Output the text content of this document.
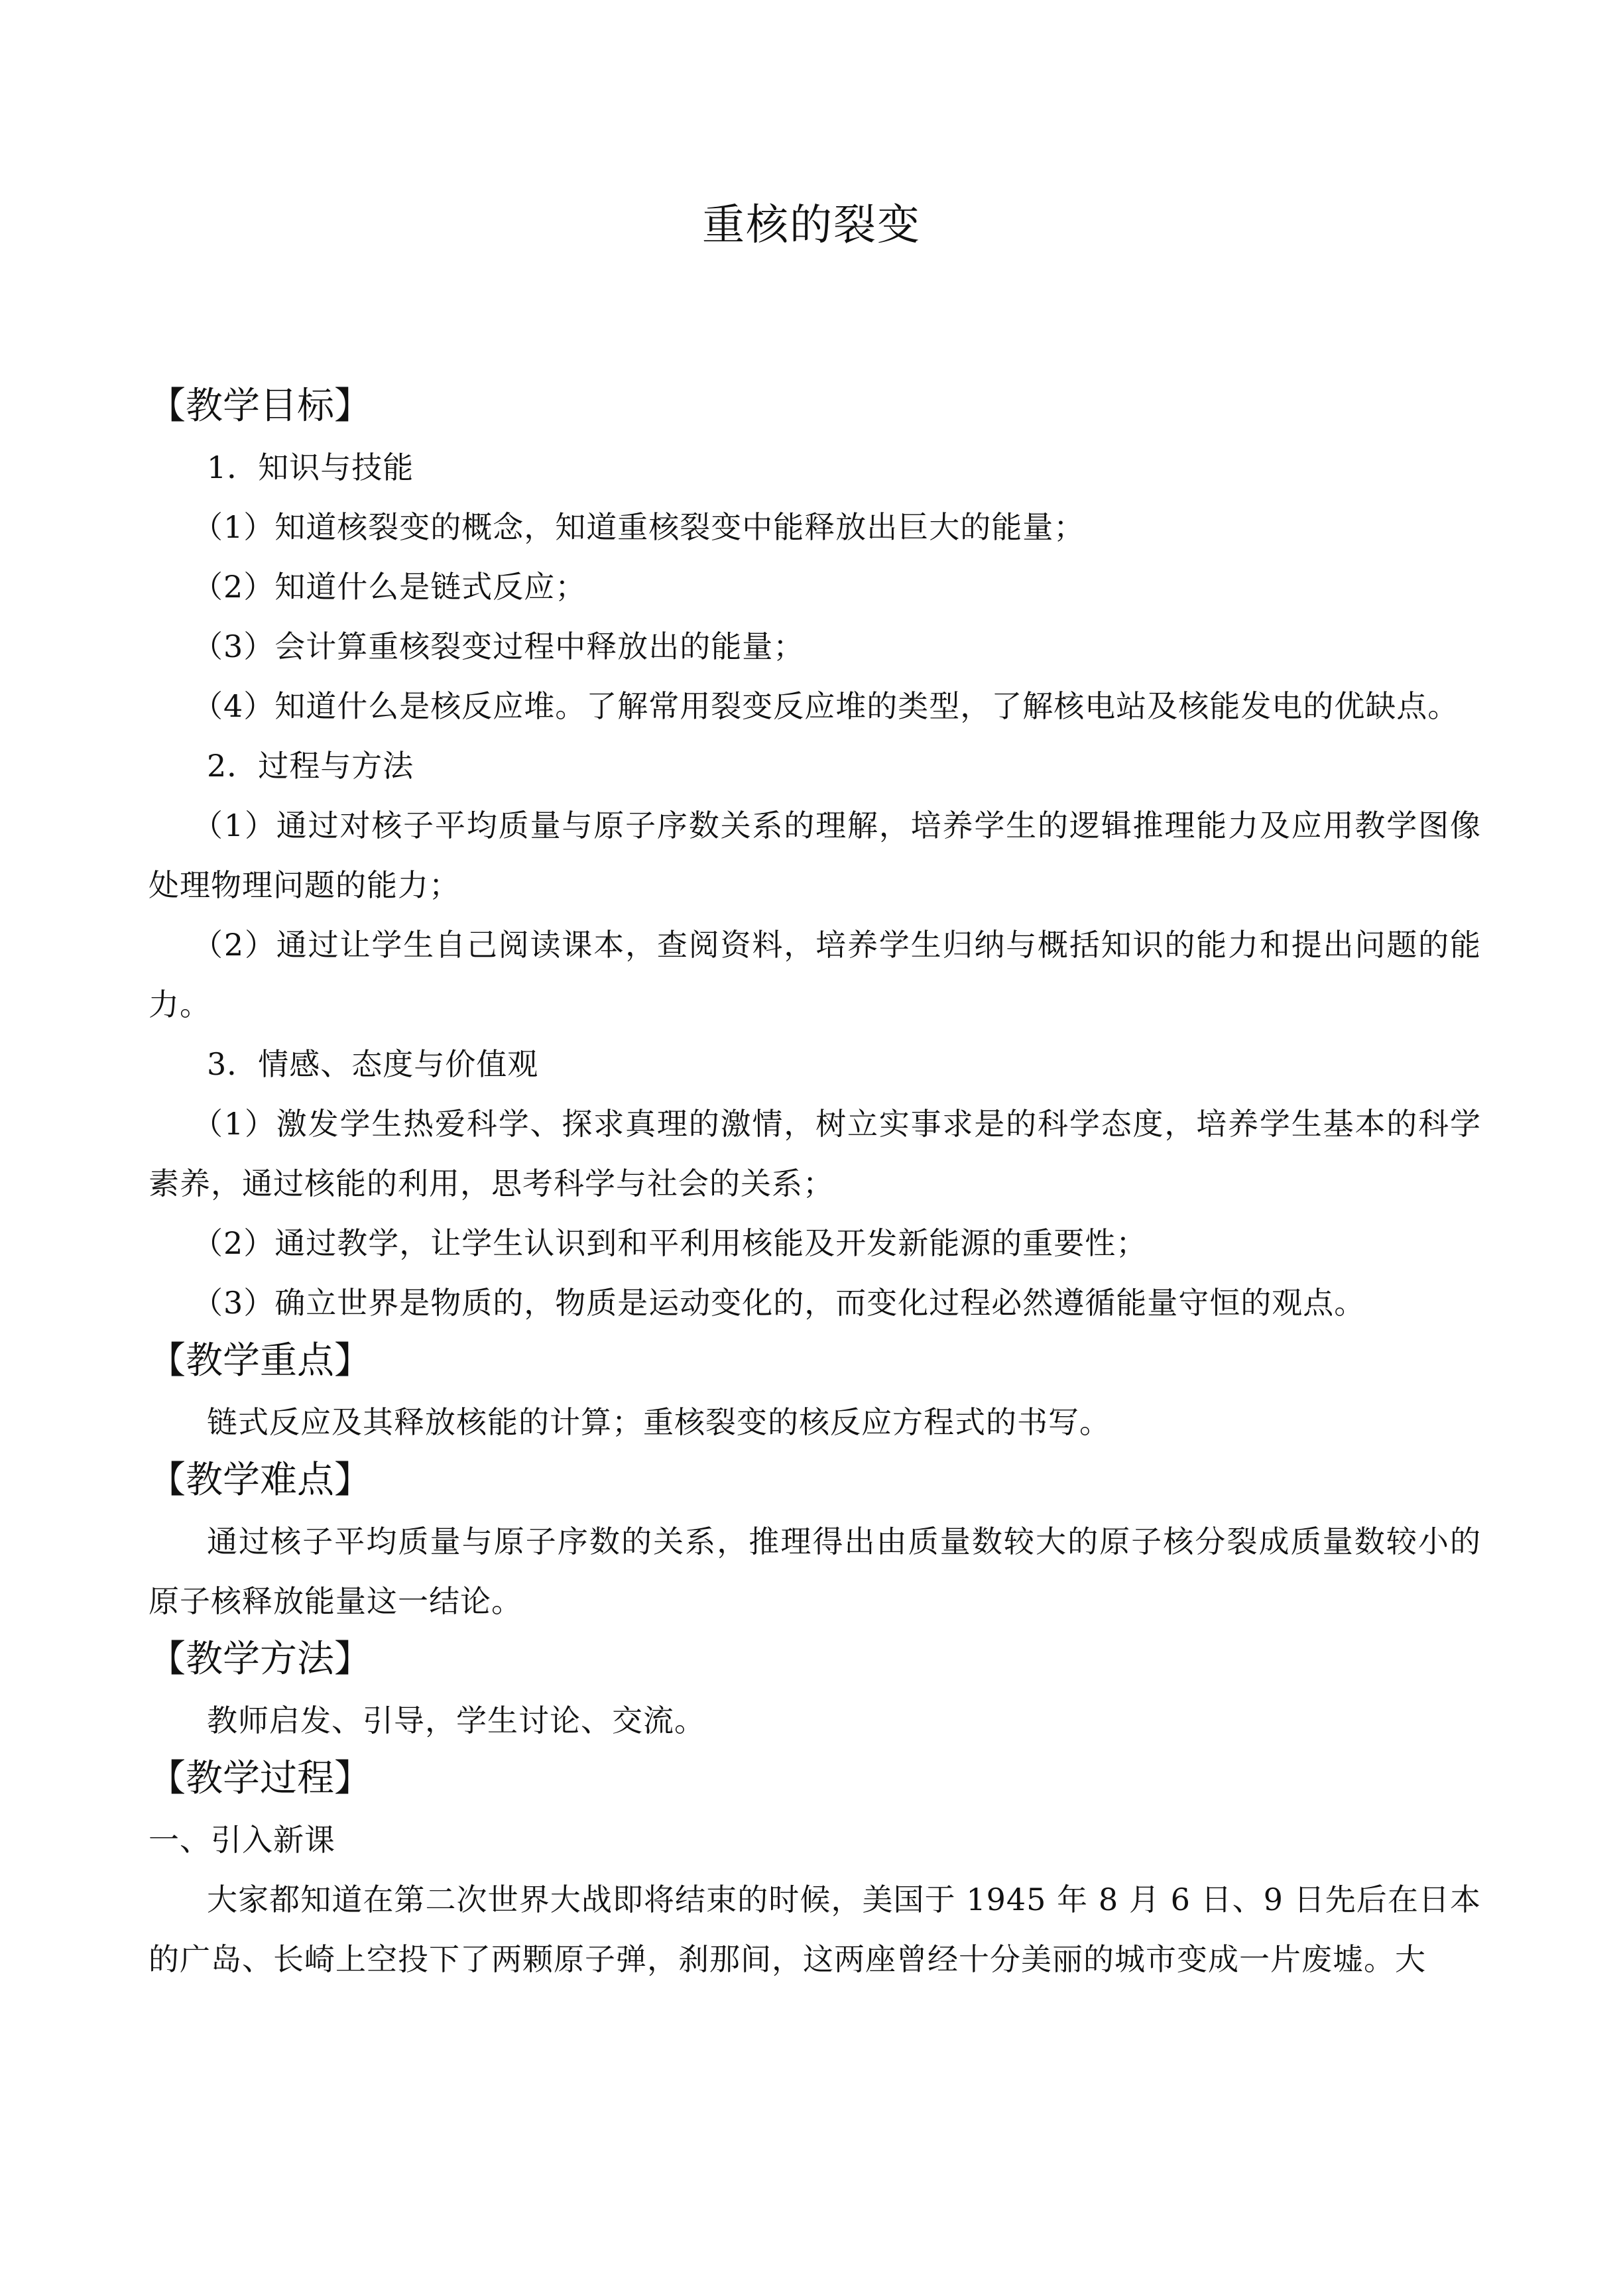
重核的裂变
【教学目标】
1．知识与技能
（1）知道核裂变的概念，知道重核裂变中能释放出巨大的能量；
（2）知道什么是链式反应；
（3）会计算重核裂变过程中释放出的能量；
（4）知道什么是核反应堆。了解常用裂变反应堆的类型，了解核电站及核能发电的优缺点。
2．过程与方法
（1）通过对核子平均质量与原子序数关系的理解，培养学生的逻辑推理能力及应用教学图像处理物理问题的能力；
（2）通过让学生自己阅读课本，查阅资料，培养学生归纳与概括知识的能力和提出问题的能力。
3．情感、态度与价值观
（1）激发学生热爱科学、探求真理的激情，树立实事求是的科学态度，培养学生基本的科学素养，通过核能的利用，思考科学与社会的关系；
（2）通过教学，让学生认识到和平利用核能及开发新能源的重要性；
（3）确立世界是物质的，物质是运动变化的，而变化过程必然遵循能量守恒的观点。
【教学重点】
链式反应及其释放核能的计算；重核裂变的核反应方程式的书写。
【教学难点】
通过核子平均质量与原子序数的关系，推理得出由质量数较大的原子核分裂成质量数较小的原子核释放能量这一结论。
【教学方法】
教师启发、引导，学生讨论、交流。
【教学过程】
一、引入新课
大家都知道在第二次世界大战即将结束的时候，美国于 1945 年 8 月 6 日、9 日先后在日本的广岛、长崎上空投下了两颗原子弹，刹那间，这两座曾经十分美丽的城市变成一片废墟。大
